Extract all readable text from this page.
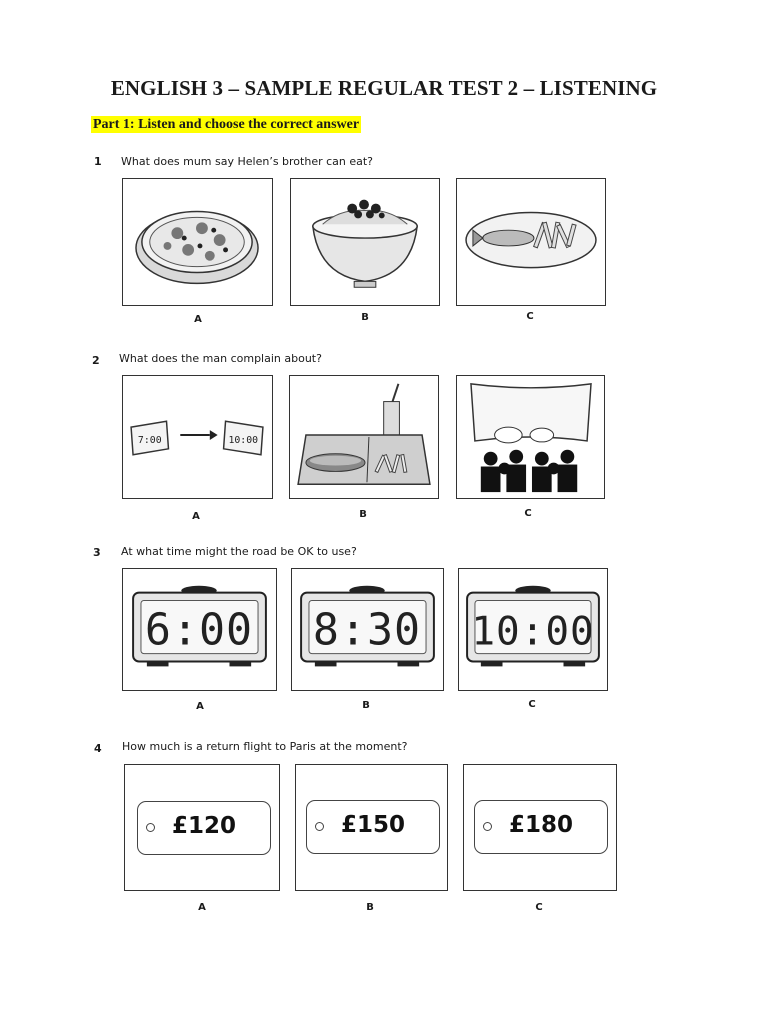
ENGLISH 3 – SAMPLE REGULAR TEST 2 – LISTENING
Part 1: Listen and choose the correct answer
1 What does mum say Helen’s brother can eat?
A	B	C
2 What does the man complain about?
7:00	10:00
A	B	C
3 At what time might the road be OK to use?
6:00 8:30 10:00
A	B	C
4 How much is a return flight to Paris at the moment?
£120	£150	£180
A	B	C
